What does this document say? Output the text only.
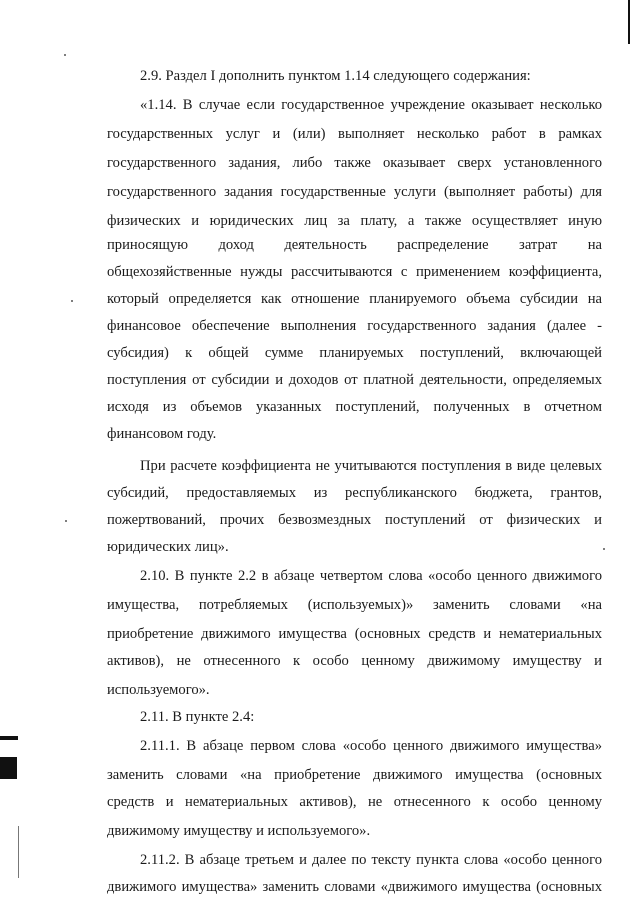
2.9. Раздел I дополнить пунктом 1.14 следующего содержания:
«1.14. В случае если государственное учреждение оказывает несколько
государственных услуг и (или) выполняет несколько работ в рамках
государственного задания, либо также оказывает сверх установленного
государственного задания государственные услуги (выполняет работы) для
физических и юридических лиц за плату, а также осуществляет иную
приносящую доход деятельность распределение затрат на
общехозяйственные нужды рассчитываются с применением коэффициента,
который определяется как отношение планируемого объема субсидии на
финансовое обеспечение выполнения государственного задания (далее -
субсидия) к общей сумме планируемых поступлений, включающей
поступления от субсидии и доходов от платной деятельности, определяемых
исходя из объемов указанных поступлений, полученных в отчетном
финансовом году.
При расчете коэффициента не учитываются поступления в виде целевых
субсидий, предоставляемых из республиканского бюджета, грантов,
пожертвований, прочих безвозмездных поступлений от физических и
юридических лиц».
2.10. В пункте 2.2 в абзаце четвертом слова «особо ценного движимого
имущества, потребляемых (используемых)» заменить словами «на
приобретение движимого имущества (основных средств и нематериальных
активов), не отнесенного к особо ценному движимому имуществу и
используемого».
2.11. В пункте 2.4:
2.11.1. В абзаце первом слова «особо ценного движимого имущества»
заменить словами «на приобретение движимого имущества (основных
средств и нематериальных активов), не отнесенного к особо ценному
движимому имуществу и используемого».
2.11.2. В абзаце третьем и далее по тексту пункта слова «особо ценного
движимого имущества» заменить словами «движимого имущества (основных
